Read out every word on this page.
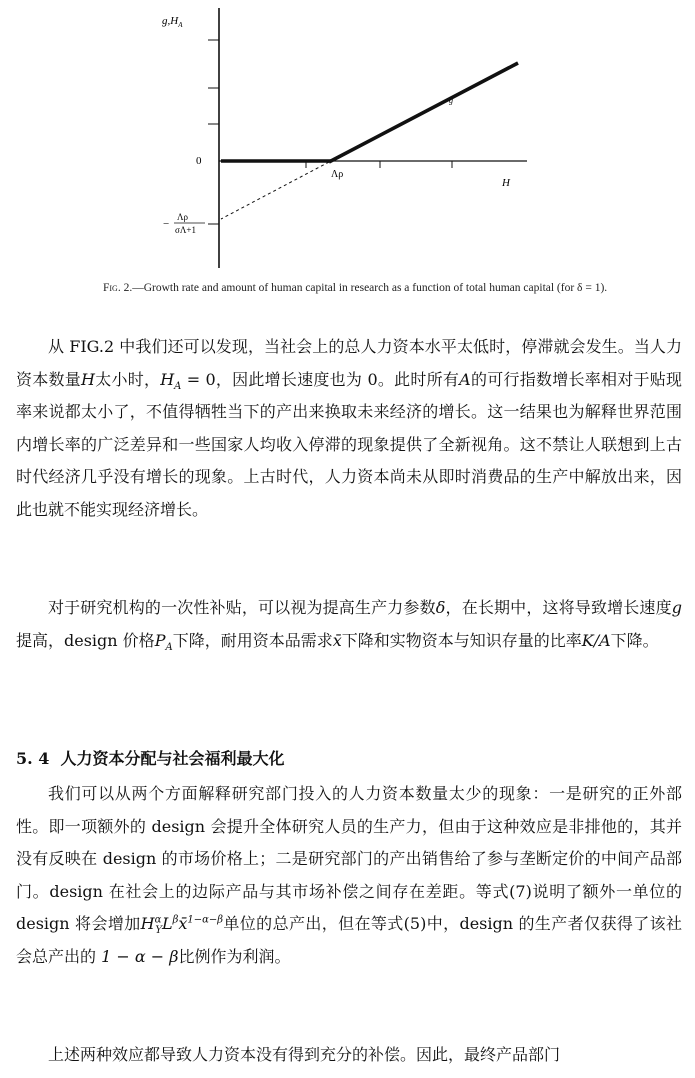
$g,H_A$
0
Λρ
H
g
−
Λρ
σΛ+1
Fig. 2.—Growth rate and amount of human capital in research as a function of total human capital (for δ = 1).

从 FIG.2 中我们还可以发现，当社会上的总人力资本水平太低时，停滞就会发生。当人力资本数量H太小时，$H_A = 0$，因此增长速度也为 0。此时所有A的可行指数增长率相对于贴现率来说都太小了，不值得牺牲当下的产出来换取未来经济的增长。这一结果也为解释世界范围内增长率的广泛差异和一些国家人均收入停滞的现象提供了全新视角。这不禁让人联想到上古时代经济几乎没有增长的现象。上古时代，人力资本尚未从即时消费品的生产中解放出来，因此也就不能实现经济增长。

对于研究机构的一次性补贴，可以视为提高生产力参数δ，在长期中，这将导致增长速度g提高，design 价格$P_A$下降，耐用资本品需求x̄下降和实物资本与知识存量的比率K/A下降。

5. 4 人力资本分配与社会福利最大化

我们可以从两个方面解释研究部门投入的人力资本数量太少的现象：一是研究的正外部性。即一项额外的 design 会提升全体研究人员的生产力，但由于这种效应是非排他的，其并没有反映在 design 的市场价格上；二是研究部门的产出销售给了参与垄断定价的中间产品部门。design 在社会上的边际产品与其市场补偿之间存在差距。等式(7)说明了额外一单位的 design 将会增加$H^\alpha_YL^\beta x̄^{1-\alpha-\beta}$单位的总产出，但在等式(5)中，design 的生产者仅获得了该社会总产出的 1 − α − β比例作为利润。

上述两种效应都导致人力资本没有得到充分的补偿。因此，最终产品部门
